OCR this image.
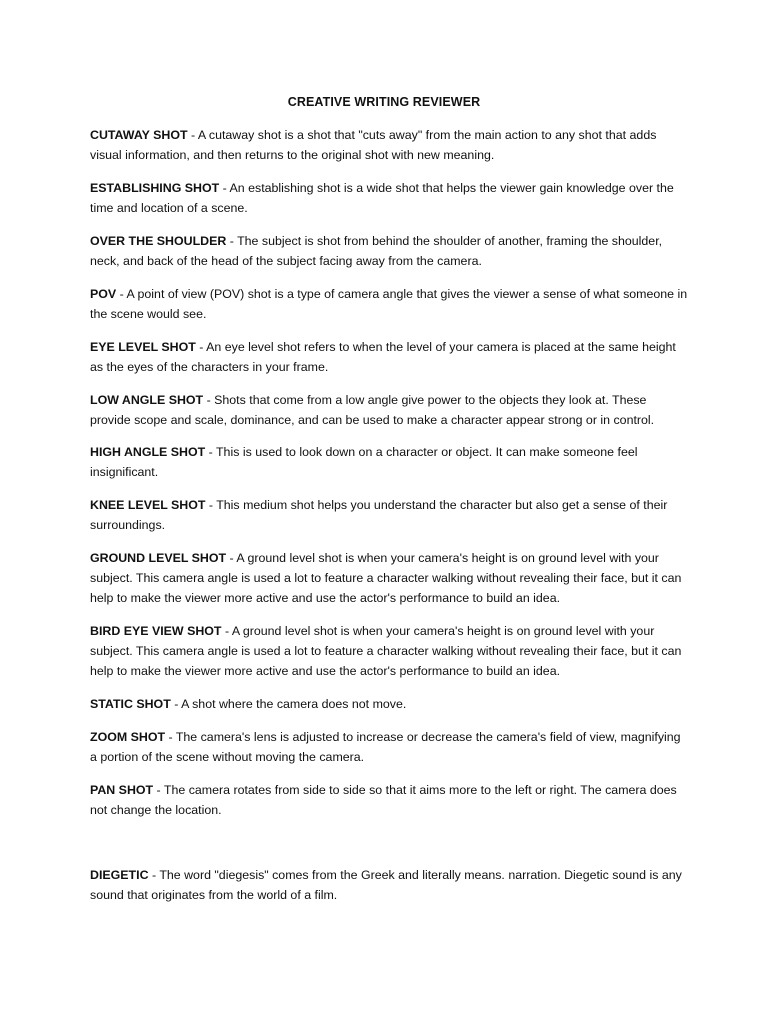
CREATIVE WRITING REVIEWER

CUTAWAY SHOT - A cutaway shot is a shot that "cuts away" from the main action to any shot that adds visual information, and then returns to the original shot with new meaning.

ESTABLISHING SHOT - An establishing shot is a wide shot that helps the viewer gain knowledge over the time and location of a scene.

OVER THE SHOULDER - The subject is shot from behind the shoulder of another, framing the shoulder, neck, and back of the head of the subject facing away from the camera.

POV - A point of view (POV) shot is a type of camera angle that gives the viewer a sense of what someone in the scene would see.

EYE LEVEL SHOT - An eye level shot refers to when the level of your camera is placed at the same height as the eyes of the characters in your frame.

LOW ANGLE SHOT - Shots that come from a low angle give power to the objects they look at. These provide scope and scale, dominance, and can be used to make a character appear strong or in control.

HIGH ANGLE SHOT - This is used to look down on a character or object. It can make someone feel insignificant.

KNEE LEVEL SHOT - This medium shot helps you understand the character but also get a sense of their surroundings.

GROUND LEVEL SHOT - A ground level shot is when your camera's height is on ground level with your subject. This camera angle is used a lot to feature a character walking without revealing their face, but it can help to make the viewer more active and use the actor's performance to build an idea.

BIRD EYE VIEW SHOT - A ground level shot is when your camera's height is on ground level with your subject. This camera angle is used a lot to feature a character walking without revealing their face, but it can help to make the viewer more active and use the actor's performance to build an idea.

STATIC SHOT - A shot where the camera does not move.

ZOOM SHOT - The camera's lens is adjusted to increase or decrease the camera's field of view, magnifying a portion of the scene without moving the camera.

PAN SHOT - The camera rotates from side to side so that it aims more to the left or right. The camera does not change the location.

DIEGETIC - The word "diegesis" comes from the Greek and literally means. narration. Diegetic sound is any sound that originates from the world of a film.
